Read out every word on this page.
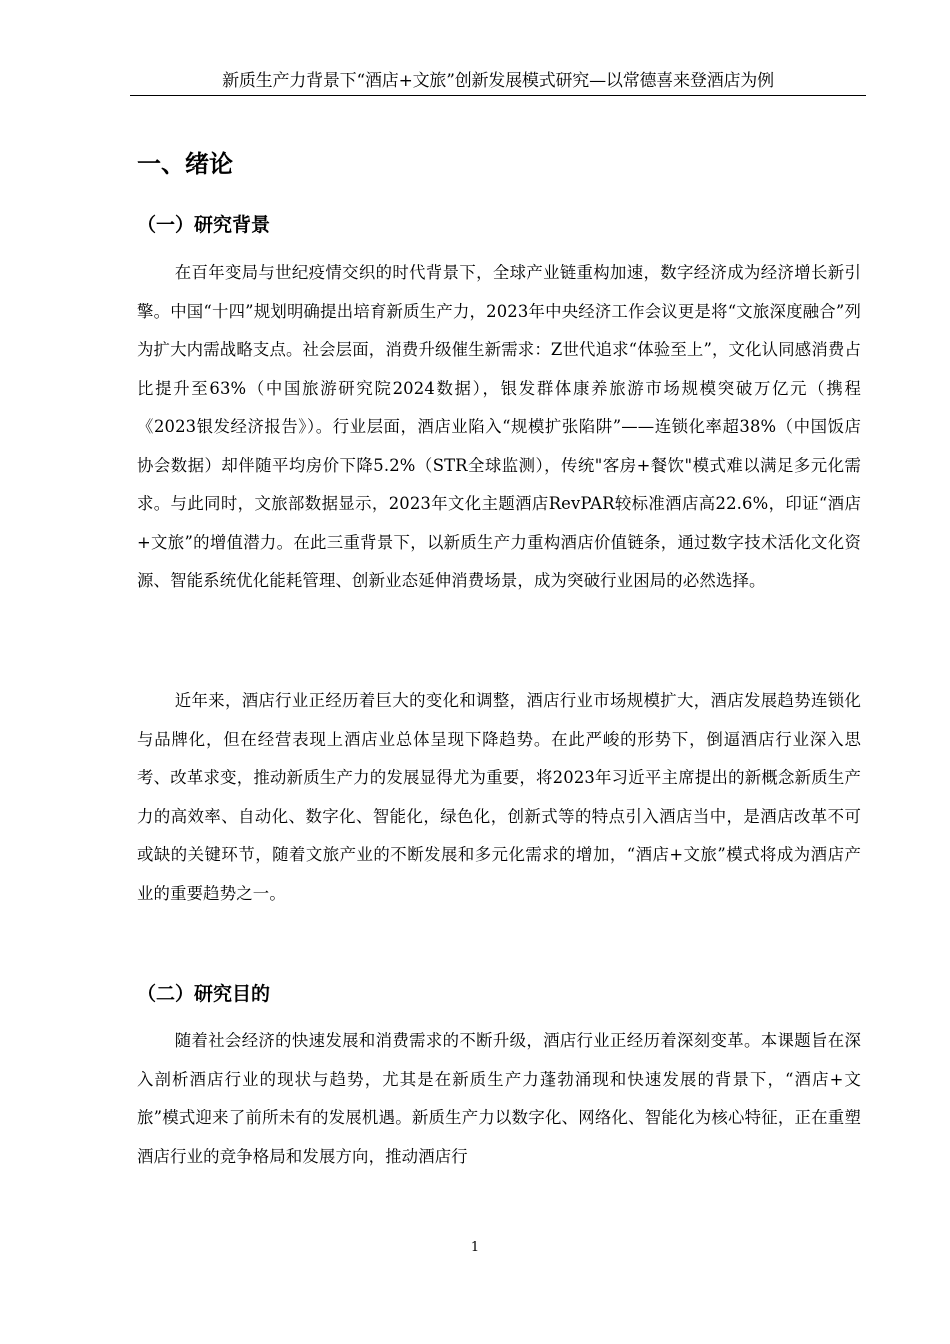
新质生产力背景下“酒店+文旅”创新发展模式研究—以常德喜来登酒店为例
一、绪论
（一）研究背景

在百年变局与世纪疫情交织的时代背景下，全球产业链重构加速，数字经济成为经济增长新引擎。中国“十四”规划明确提出培育新质生产力，2023年中央经济工作会议更是将“文旅深度融合”列为扩大内需战略支点。社会层面，消费升级催生新需求：Z世代追求“体验至上”，文化认同感消费占比提升至63%（中国旅游研究院2024数据），银发群体康养旅游市场规模突破万亿元（携程《2023银发经济报告》）。行业层面，酒店业陷入“规模扩张陷阱”——连锁化率超38%（中国饭店协会数据）却伴随平均房价下降5.2%（STR全球监测），传统"客房+餐饮"模式难以满足多元化需求。与此同时，文旅部数据显示，2023年文化主题酒店RevPAR较标准酒店高22.6%，印证“酒店+文旅”的增值潜力。在此三重背景下，以新质生产力重构酒店价值链条，通过数字技术活化文化资源、智能系统优化能耗管理、创新业态延伸消费场景，成为突破行业困局的必然选择。

近年来，酒店行业正经历着巨大的变化和调整，酒店行业市场规模扩大，酒店发展趋势连锁化与品牌化，但在经营表现上酒店业总体呈现下降趋势。在此严峻的形势下，倒逼酒店行业深入思考、改革求变，推动新质生产力的发展显得尤为重要，将2023年习近平主席提出的新概念新质生产力的高效率、自动化、数字化、智能化，绿色化，创新式等的特点引入酒店当中，是酒店改革不可或缺的关键环节，随着文旅产业的不断发展和多元化需求的增加，“酒店+文旅”模式将成为酒店产业的重要趋势之一。

（二）研究目的

随着社会经济的快速发展和消费需求的不断升级，酒店行业正经历着深刻变革。本课题旨在深入剖析酒店行业的现状与趋势，尤其是在新质生产力蓬勃涌现和快速发展的背景下，“酒店+文旅”模式迎来了前所未有的发展机遇。新质生产力以数字化、网络化、智能化为核心特征，正在重塑酒店行业的竞争格局和发展方向，推动酒店行

1
